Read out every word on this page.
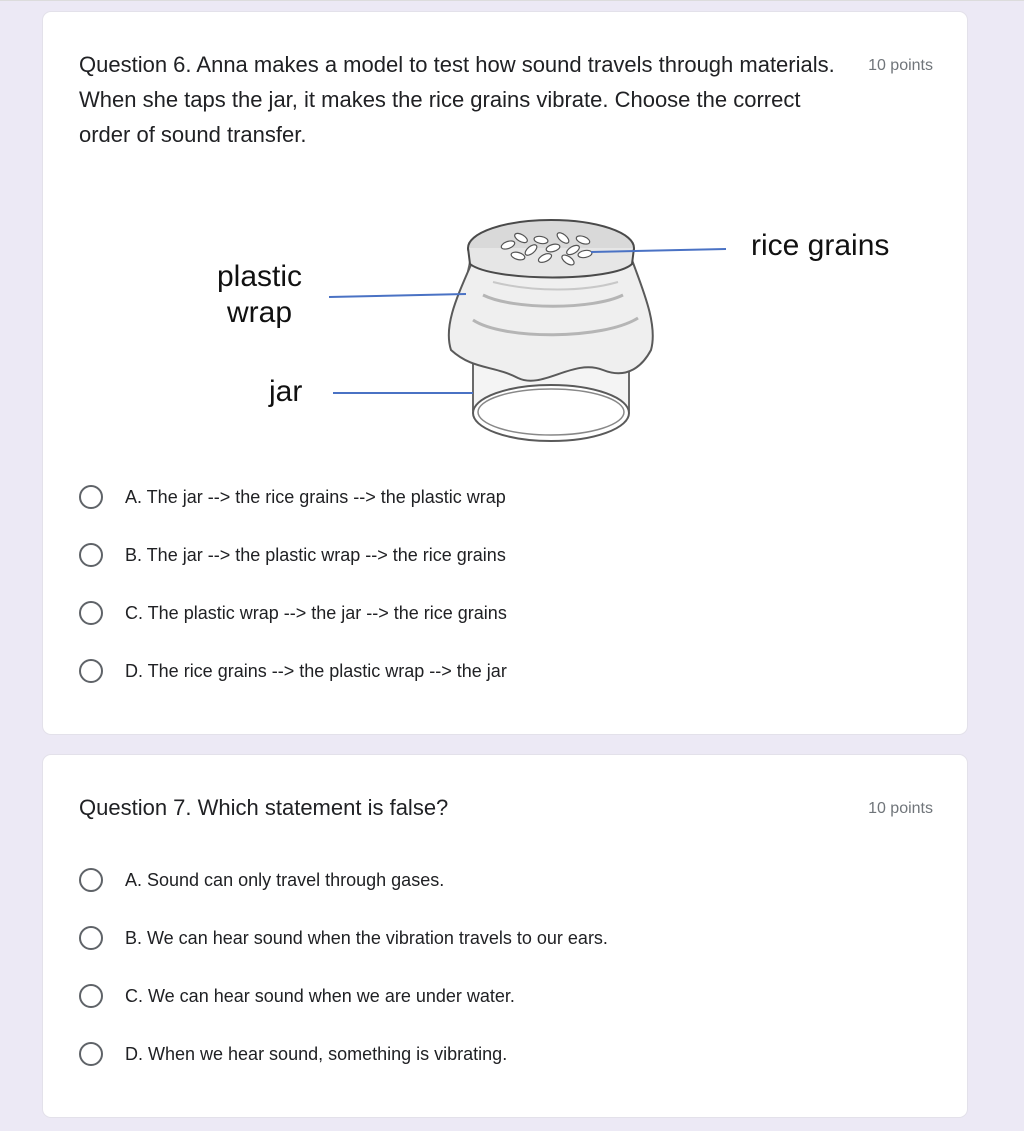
Question 6. Anna makes a model to test how sound travels through materials. When she taps the jar, it makes the rice grains vibrate. Choose the correct order of sound transfer.

10 points
rice grains
plastic
wrap
jar
A. The jar --> the rice grains --> the plastic wrap
B. The jar --> the plastic wrap --> the rice grains
C. The plastic wrap --> the jar --> the rice grains
D. The rice grains --> the plastic wrap --> the jar

Question 7. Which statement is false?	10 points
A. Sound can only travel through gases.
B. We can hear sound when the vibration travels to our ears.
C. We can hear sound when we are under water.
D. When we hear sound, something is vibrating.
